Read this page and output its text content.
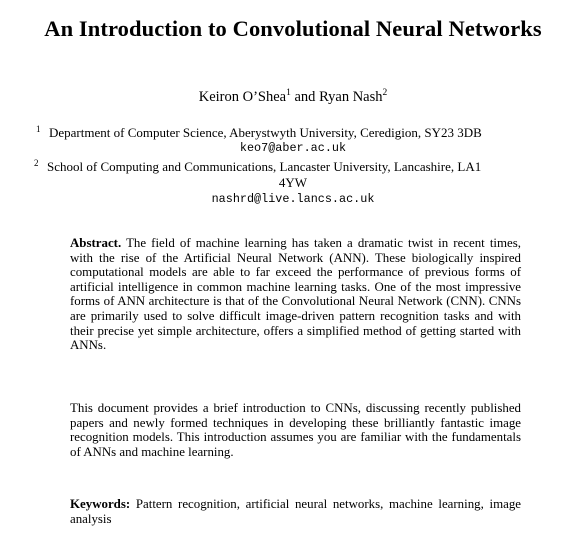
An Introduction to Convolutional Neural Networks
Keiron O’Shea$^1$ and Ryan Nash$^2$
1 Department of Computer Science, Aberystwyth University, Ceredigion, SY23 3DB
keo7@aber.ac.uk
2 School of Computing and Communications, Lancaster University, Lancashire, LA1
4YW
nashrd@live.lancs.ac.uk
Abstract. The field of machine learning has taken a dramatic twist in recent times, with the rise of the Artificial Neural Network (ANN). These biologically inspired computational models are able to far exceed the performance of previous forms of artificial intelligence in common machine learning tasks. One of the most impressive forms of ANN architecture is that of the Convolutional Neural Network (CNN). CNNs are primarily used to solve difficult image-driven pattern recognition tasks and with their precise yet simple architecture, offers a simplified method of getting started with ANNs.
This document provides a brief introduction to CNNs, discussing recently published papers and newly formed techniques in developing these brilliantly fantastic image recognition models. This introduction assumes you are familiar with the fundamentals of ANNs and machine learning.
Keywords: Pattern recognition, artificial neural networks, machine learning, image analysis
